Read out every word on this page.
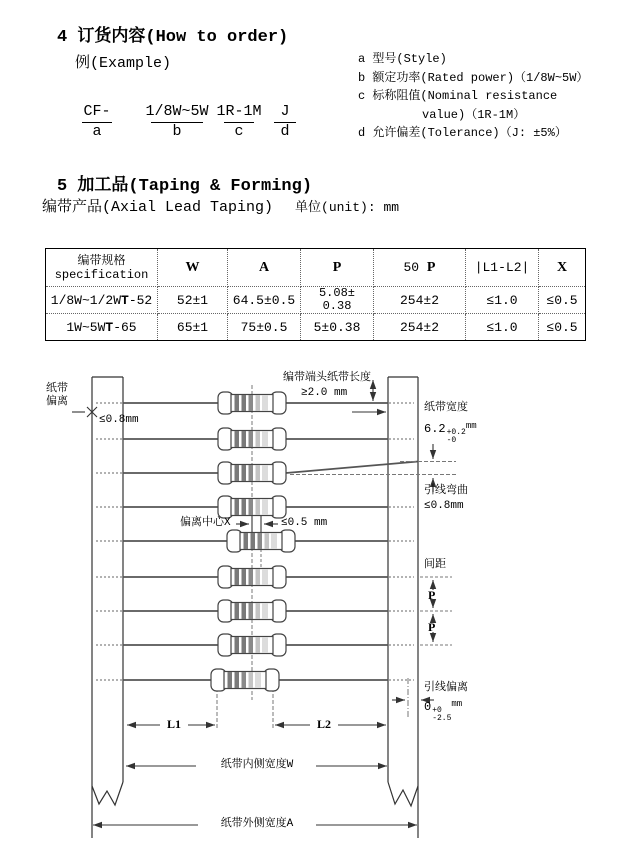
4 订货内容(How to order)
例(Example)
CF-
a
1/8W~5W
b
1R-1M
c
J
d
a 型号(Style)
b 额定功率(Rated power)（1/8W~5W）
c 标称阻值(Nominal resistance
value)（1R-1M）
d 允许偏差(Tolerance)（J: ±5%）
5 加工品(Taping & Forming)
编带产品(Axial Lead Taping) 单位(unit): mm
编带规格
specification	W	A	P	50 P	|L1-L2|	X
1/8W~1/2WT-52	52±1	64.5±0.5	5.08±
0.38	254±2	≤1.0	≤0.5
1W~5WT-65	65±1	75±0.5	5±0.38	254±2	≤1.0	≤0.5
纸带偏离
≤0.8mm
编带端头纸带长度
≥2.0 mm
纸带宽度
6.2 +0.2
-0
$^{mm}$
引线弯曲
≤0.8mm
偏离中心X	≤0.5 mm
间距
P
P
引线偏离
0 +0
-2.5
$^{mm}$
L1	L2
纸带内侧宽度W
纸带外侧宽度A
